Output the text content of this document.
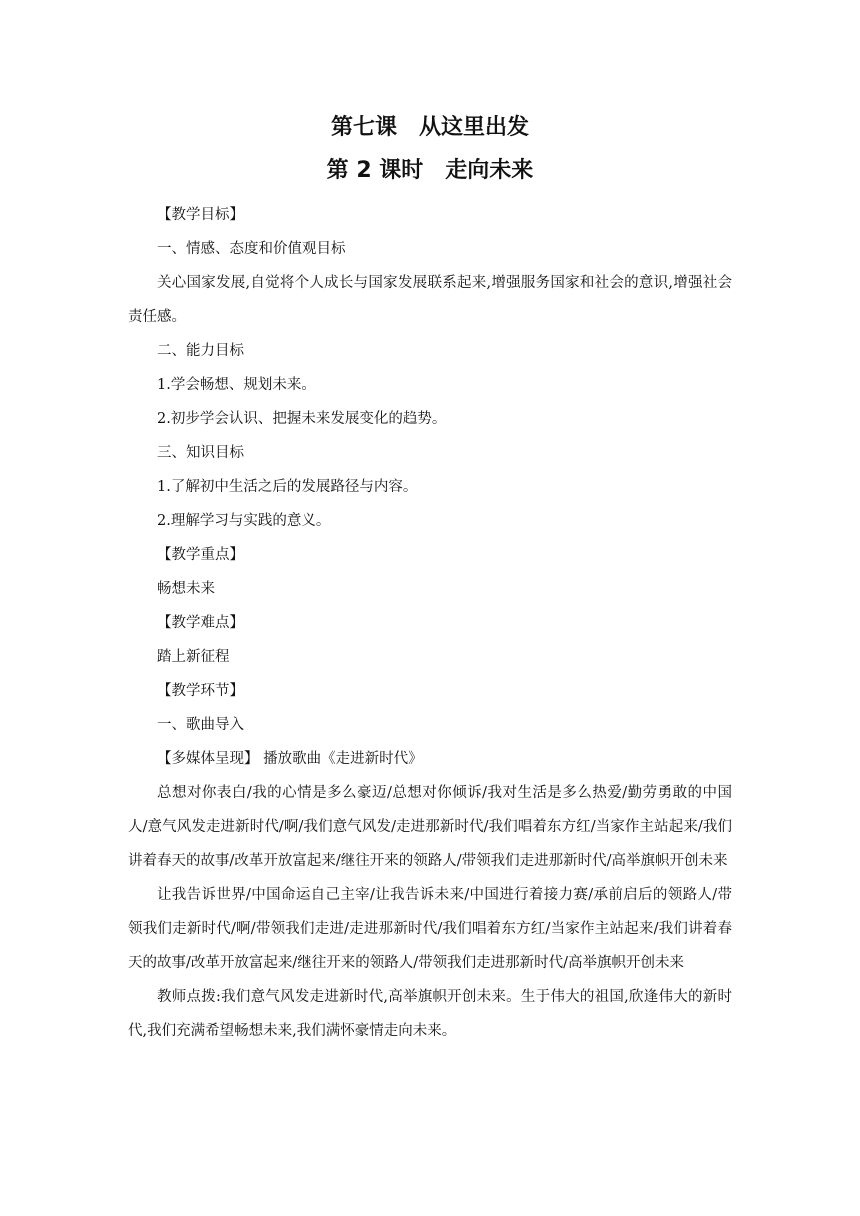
第七课　从这里出发
第 2 课时　走向未来

【教学目标】

一、情感、态度和价值观目标

关心国家发展,自觉将个人成长与国家发展联系起来,增强服务国家和社会的意识,增强社会责任感。

二、能力目标

1.学会畅想、规划未来。

2.初步学会认识、把握未来发展变化的趋势。

三、知识目标

1.了解初中生活之后的发展路径与内容。

2.理解学习与实践的意义。

【教学重点】

畅想未来

【教学难点】

踏上新征程

【教学环节】

一、歌曲导入

【多媒体呈现】 播放歌曲《走进新时代》

总想对你表白/我的心情是多么豪迈/总想对你倾诉/我对生活是多么热爱/勤劳勇敢的中国人/意气风发走进新时代/啊/我们意气风发/走进那新时代/我们唱着东方红/当家作主站起来/我们讲着春天的故事/改革开放富起来/继往开来的领路人/带领我们走进那新时代/高举旗帜开创未来

让我告诉世界/中国命运自己主宰/让我告诉未来/中国进行着接力赛/承前启后的领路人/带领我们走新时代/啊/带领我们走进/走进那新时代/我们唱着东方红/当家作主站起来/我们讲着春天的故事/改革开放富起来/继往开来的领路人/带领我们走进那新时代/高举旗帜开创未来

教师点拨:我们意气风发走进新时代,高举旗帜开创未来。生于伟大的祖国,欣逢伟大的新时代,我们充满希望畅想未来,我们满怀豪情走向未来。
